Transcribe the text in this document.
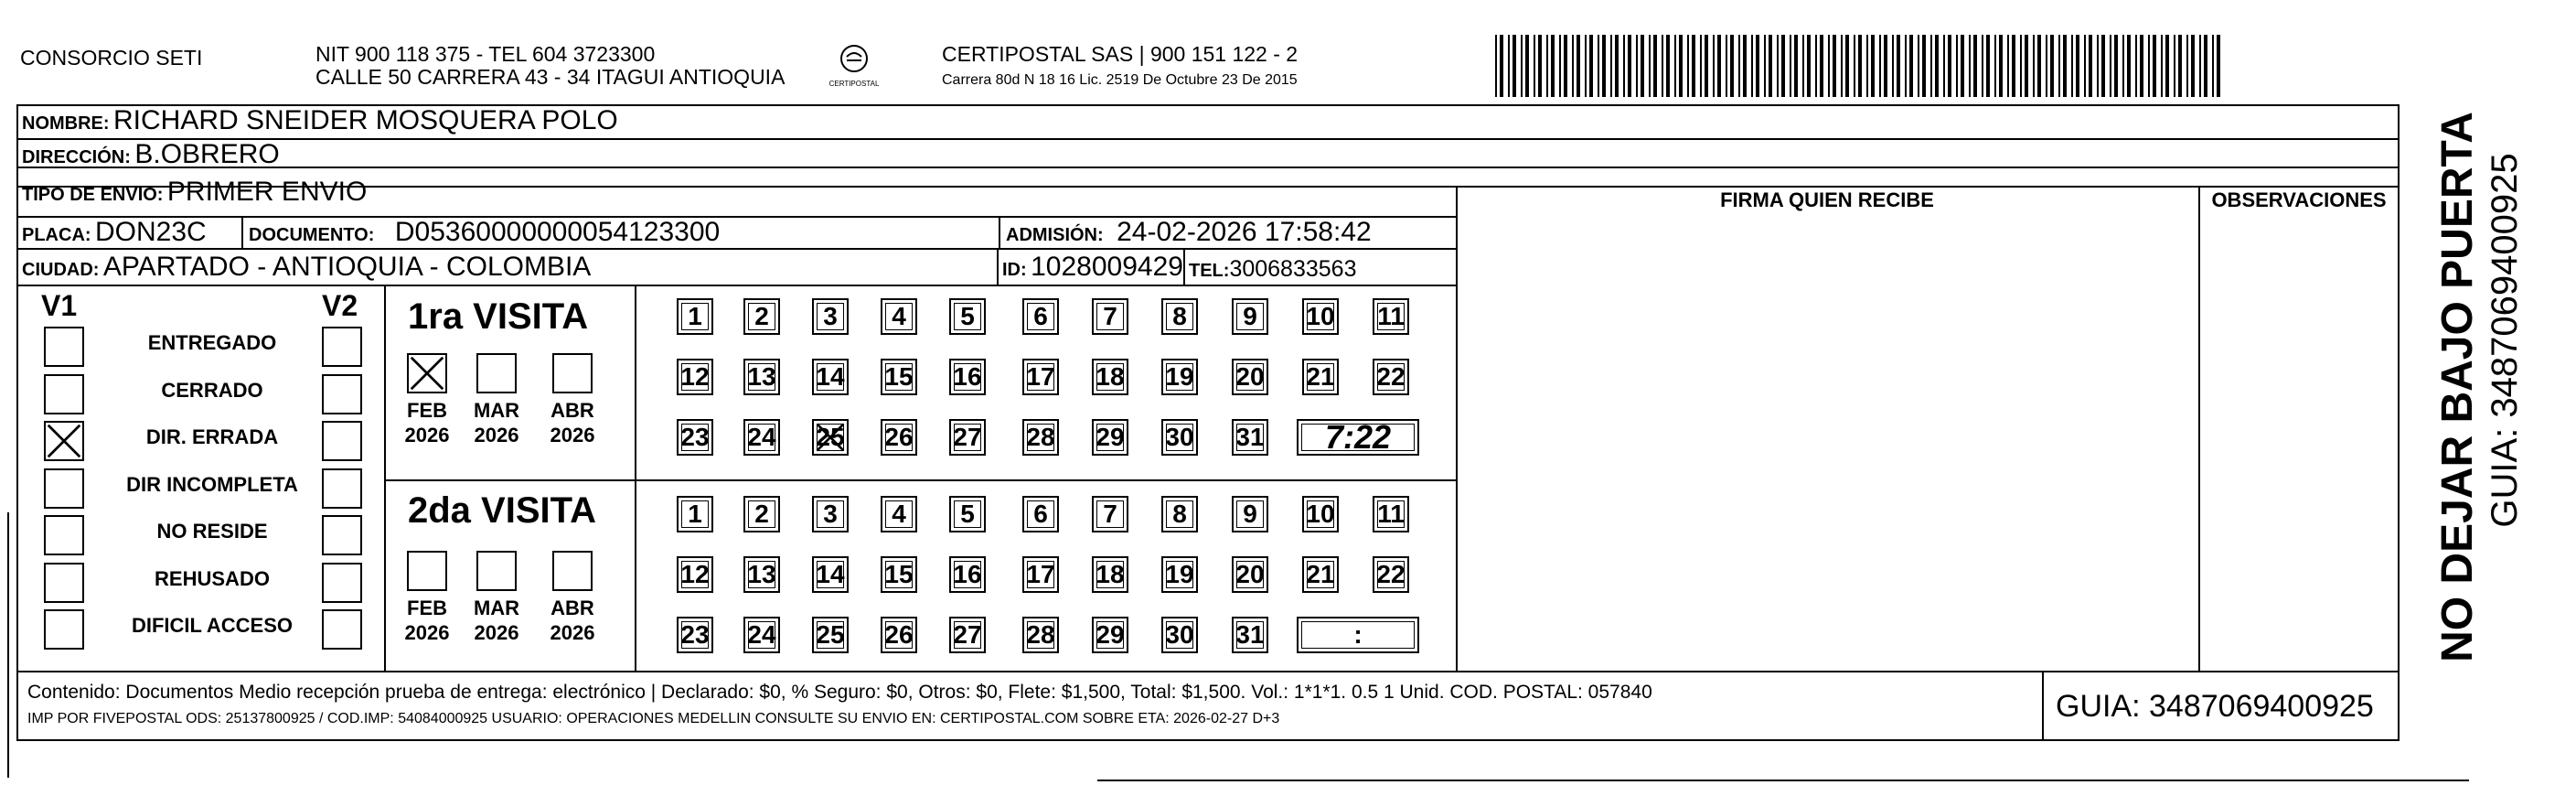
CONSORCIO SETI	NIT 900 118 375 - TEL 604 3723300
CALLE 50 CARRERA 43 - 34 ITAGUI ANTIOQUIA	CERTIPOSTAL
CERTIPOSTAL SAS | 900 151 122 - 2
Carrera 80d N 18 16 Lic. 2519 De Octubre 23 De 2015
NOMBRE: RICHARD SNEIDER MOSQUERA POLO
DIRECCIÓN: B.OBRERO
TIPO DE ENVIO: PRIMER ENVIO	FIRMA QUIEN RECIBE	OBSERVACIONES
PLACA: DON23C DOCUMENTO: D05360000000054123300	ADMISIÓN: 24-02-2026 17:58:42
CIUDAD: APARTADO - ANTIOQUIA - COLOMBIA	ID: 1028009429 TEL:3006833563
V1	V2
ENTREGADO
CERRADO
DIR. ERRADA
DIR INCOMPLETA
NO RESIDE
REHUSADO
DIFICIL ACCESO
1ra VISITA
2da VISITA
FEB
2026
MAR
2026
ABR
2026
1 2 3 4 5 6 7 8 9 10 11
12 13 14 15 16 17 18 19 20 21 22
23 24 25 26 27 28 29 30 31 7:22
FEB
2026
MAR
2026
ABR
2026
1 2 3 4 5 6 7 8 9 10 11
12 13 14 15 16 17 18 19 20 21 22
23 24 25 26 27 28 29 30 31	:
Contenido: Documentos Medio recepción prueba de entrega: electrónico | Declarado: $0, % Seguro: $0, Otros: $0, Flete: $1,500, Total: $1,500. Vol.: 1*1*1. 0.5 1 Unid. COD. POSTAL: 057840
IMP POR FIVEPOSTAL ODS: 25137800925 / COD.IMP: 54084000925 USUARIO: OPERACIONES MEDELLIN CONSULTE SU ENVIO EN: CERTIPOSTAL.COM SOBRE ETA: 2026-02-27 D+3	GUIA: 3487069400925
NO DEJAR BAJO PUERTA GUIA: 3487069400925
